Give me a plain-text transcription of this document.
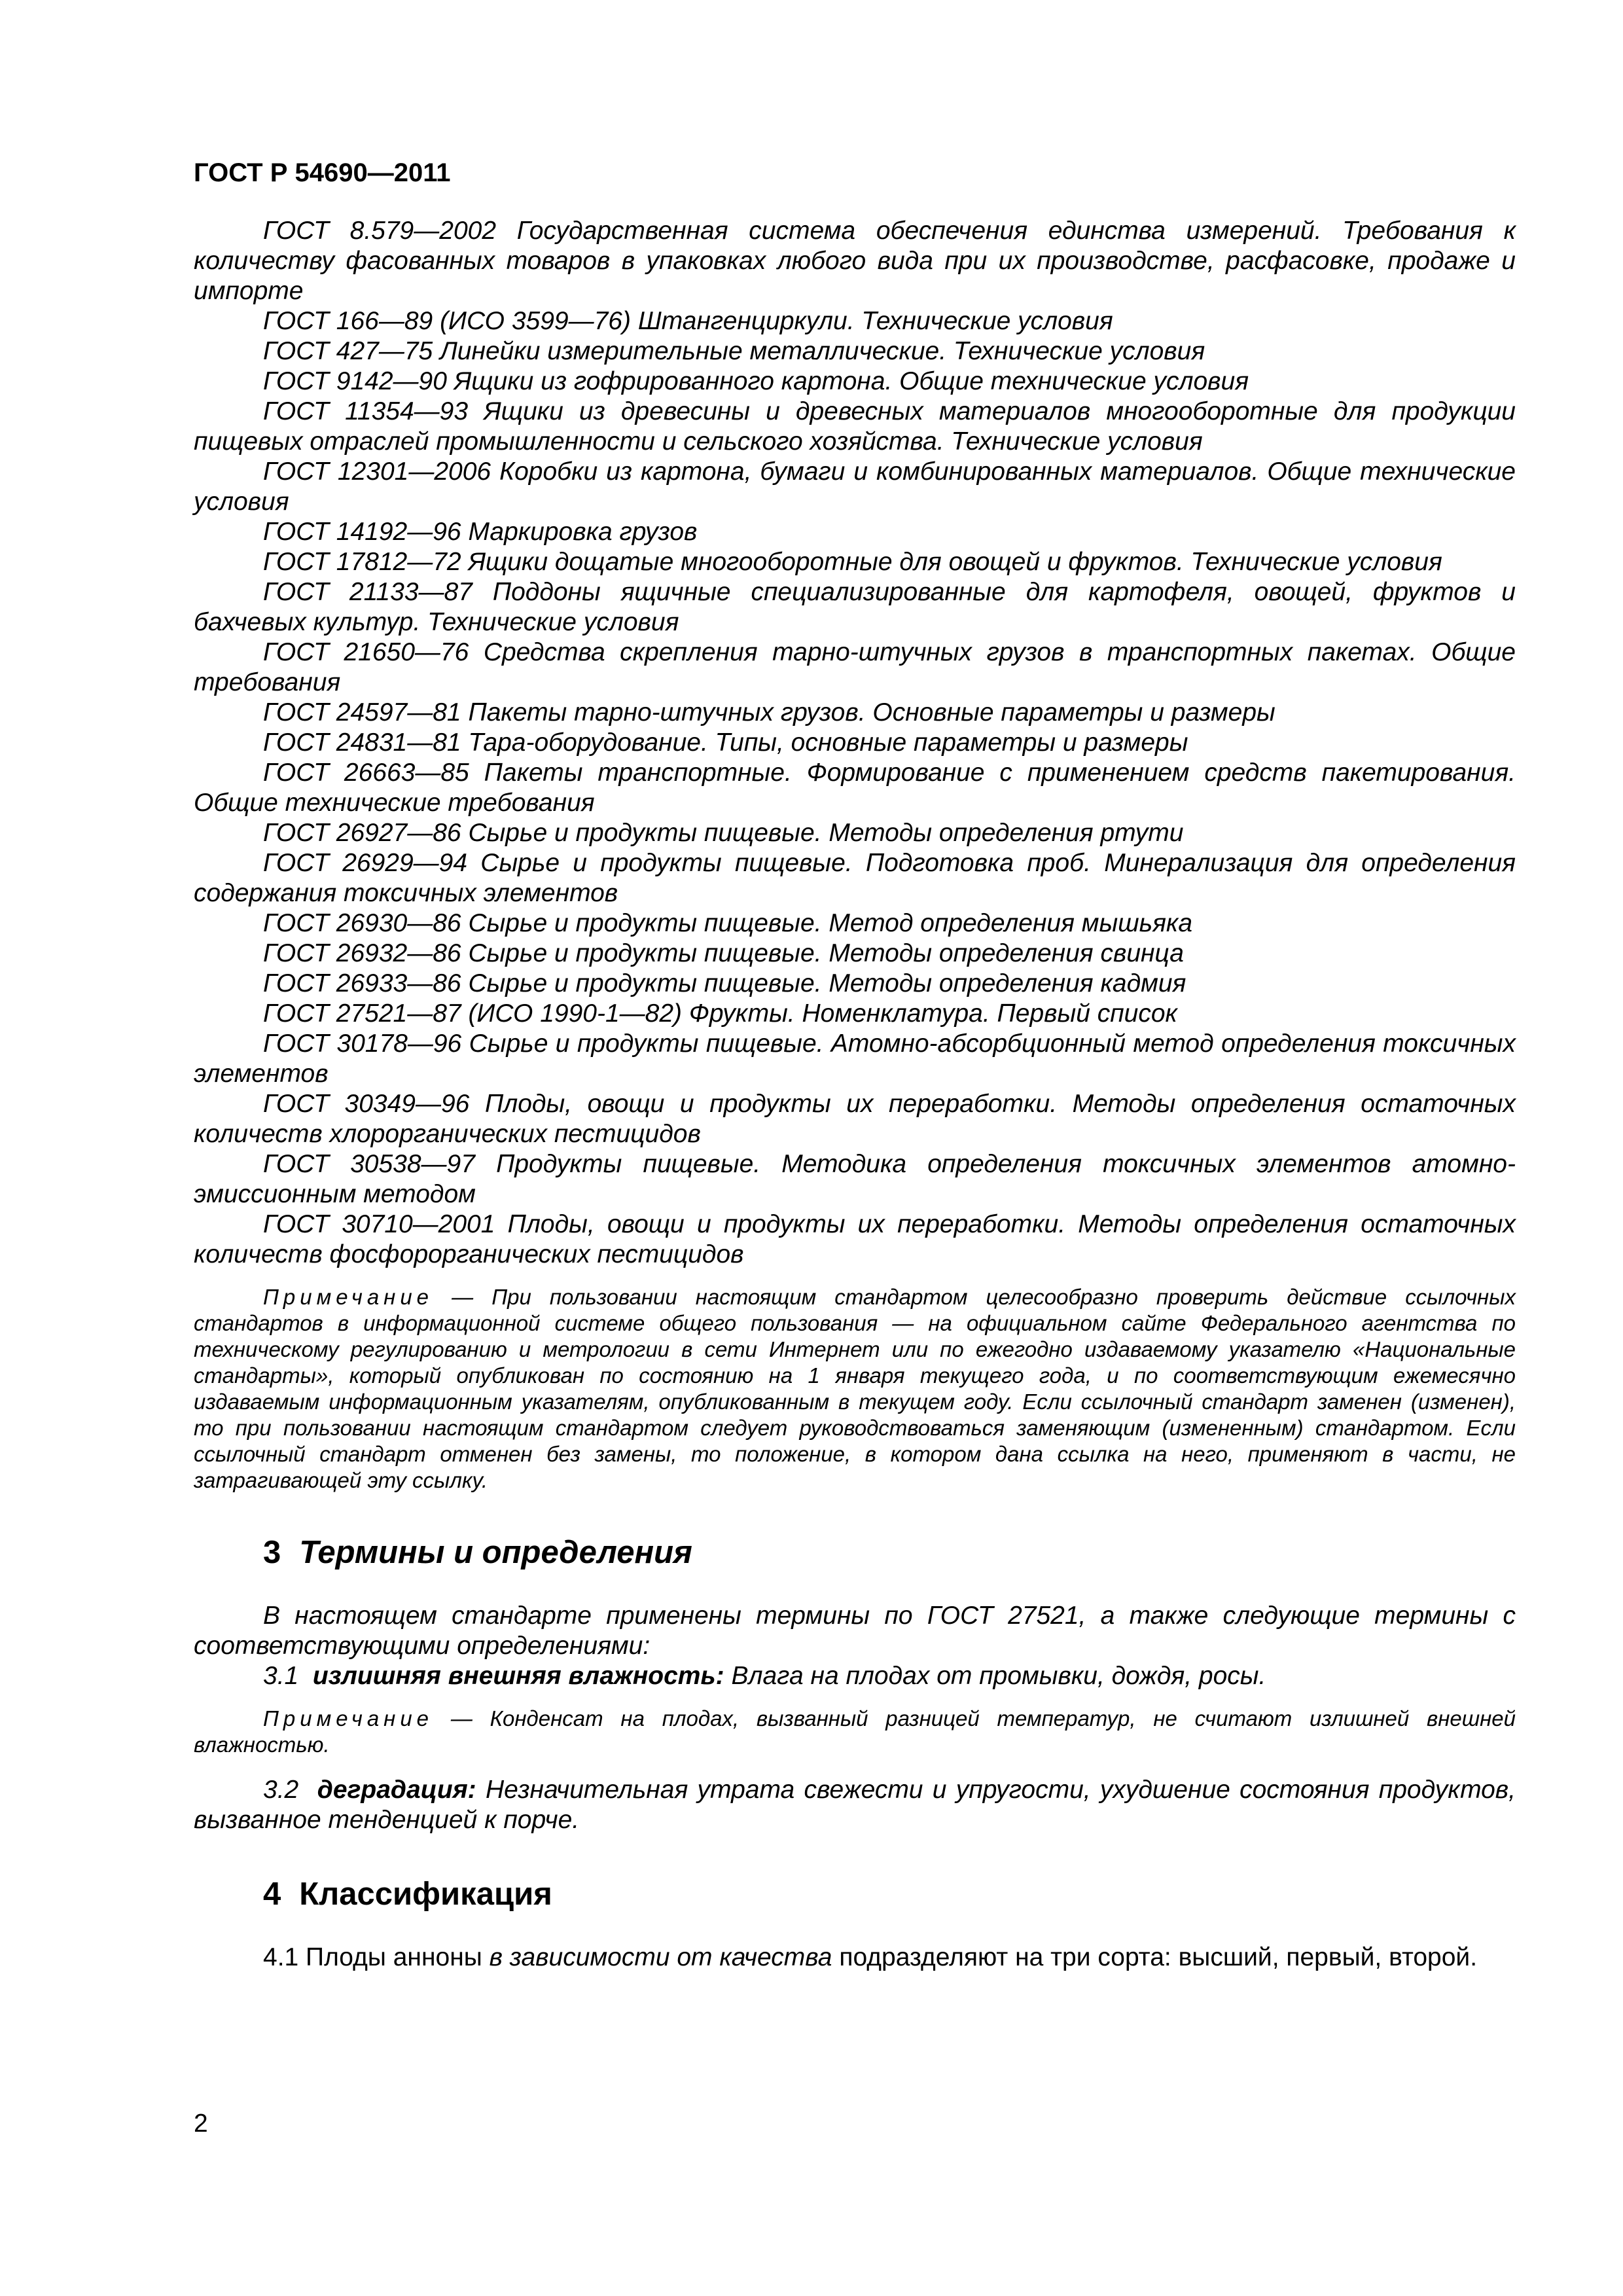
ГОСТ Р 54690—2011

ГОСТ 8.579—2002 Государственная система обеспечения единства измерений. Требования к количеству фасованных товаров в упаковках любого вида при их производстве, расфасовке, продаже и импорте

ГОСТ 166—89 (ИСО 3599—76) Штангенциркули. Технические условия

ГОСТ 427—75 Линейки измерительные металлические. Технические условия

ГОСТ 9142—90 Ящики из гофрированного картона. Общие технические условия

ГОСТ 11354—93 Ящики из древесины и древесных материалов многооборотные для продукции пищевых отраслей промышленности и сельского хозяйства. Технические условия

ГОСТ 12301—2006 Коробки из картона, бумаги и комбинированных материалов. Общие технические условия

ГОСТ 14192—96 Маркировка грузов

ГОСТ 17812—72 Ящики дощатые многооборотные для овощей и фруктов. Технические условия

ГОСТ 21133—87 Поддоны ящичные специализированные для картофеля, овощей, фруктов и бахчевых культур. Технические условия

ГОСТ 21650—76 Средства скрепления тарно-штучных грузов в транспортных пакетах. Общие требования

ГОСТ 24597—81 Пакеты тарно-штучных грузов. Основные параметры и размеры

ГОСТ 24831—81 Тара-оборудование. Типы, основные параметры и размеры

ГОСТ 26663—85 Пакеты транспортные. Формирование с применением средств пакетирования. Общие технические требования

ГОСТ 26927—86 Сырье и продукты пищевые. Методы определения ртути

ГОСТ 26929—94 Сырье и продукты пищевые. Подготовка проб. Минерализация для определения содержания токсичных элементов

ГОСТ 26930—86 Сырье и продукты пищевые. Метод определения мышьяка

ГОСТ 26932—86 Сырье и продукты пищевые. Методы определения свинца

ГОСТ 26933—86 Сырье и продукты пищевые. Методы определения кадмия

ГОСТ 27521—87 (ИСО 1990-1—82) Фрукты. Номенклатура. Первый список

ГОСТ 30178—96 Сырье и продукты пищевые. Атомно-абсорбционный метод определения токсичных элементов

ГОСТ 30349—96 Плоды, овощи и продукты их переработки. Методы определения остаточных количеств хлорорганических пестицидов

ГОСТ 30538—97 Продукты пищевые. Методика определения токсичных элементов атомно-эмиссионным методом

ГОСТ 30710—2001 Плоды, овощи и продукты их переработки. Методы определения остаточных количеств фосфорорганических пестицидов

Примечание — При пользовании настоящим стандартом целесообразно проверить действие ссылочных стандартов в информационной системе общего пользования — на официальном сайте Федерального агентства по техническому регулированию и метрологии в сети Интернет или по ежегодно издаваемому указателю «Национальные стандарты», который опубликован по состоянию на 1 января текущего года, и по соответствующим ежемесячно издаваемым информационным указателям, опубликованным в текущем году. Если ссылочный стандарт заменен (изменен), то при пользовании настоящим стандартом следует руководствоваться заменяющим (измененным) стандартом. Если ссылочный стандарт отменен без замены, то положение, в котором дана ссылка на него, применяют в части, не затрагивающей эту ссылку.

3 Термины и определения

В настоящем стандарте применены термины по ГОСТ 27521, а также следующие термины с соответствующими определениями:

3.1 излишняя внешняя влажность: Влага на плодах от промывки, дождя, росы.

Примечание — Конденсат на плодах, вызванный разницей температур, не считают излишней внешней влажностью.

3.2 деградация: Незначительная утрата свежести и упругости, ухудшение состояния продуктов, вызванное тенденцией к порче.

4 Классификация

4.1 Плоды анноны в зависимости от качества подразделяют на три сорта: высший, первый, второй.

2
